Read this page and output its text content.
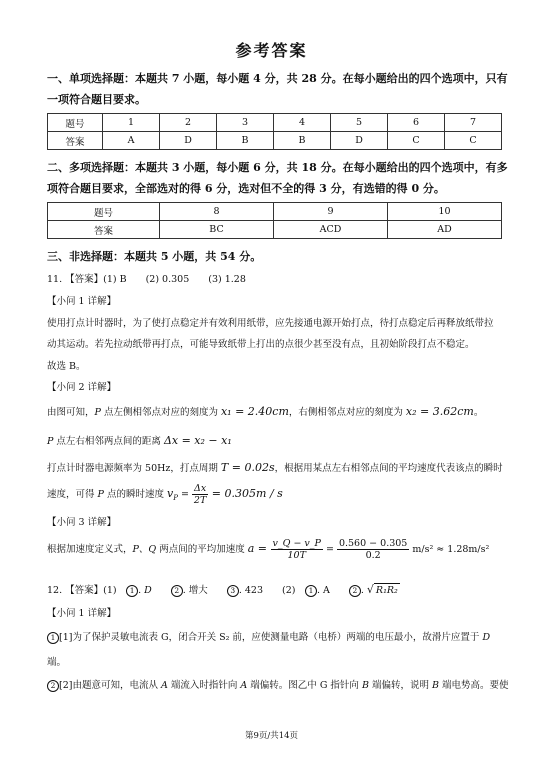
参考答案
一、单项选择题：本题共 7 小题，每小题 4 分，共 28 分。在每小题给出的四个选项中，只有
一项符合题目要求。
题号	1	2	3	4	5	6	7
答案	A	D	B	B	D	C	C
二、多项选择题：本题共 3 小题，每小题 6 分，共 18 分。在每小题给出的四个选项中，有多
项符合题目要求，全部选对的得 6 分，选对但不全的得 3 分，有选错的得 0 分。
题号	8	9	10
答案	BC	ACD	AD
三、非选择题：本题共 5 小题，共 54 分。
11. 【答案】(1) B　　(2) 0.305　　(3) 1.28
【小问 1 详解】
使用打点计时器时，为了使打点稳定并有效利用纸带，应先接通电源开始打点，待打点稳定后再释放纸带拉
动其运动。若先拉动纸带再打点，可能导致纸带上打出的点很少甚至没有点，且初始阶段打点不稳定。
故选 B。
【小问 2 详解】
由图可知，P 点左侧相邻点对应的刻度为 x₁ = 2.40cm，右侧相邻点对应的刻度为 x₂ = 3.62cm。
P 点左右相邻两点间的距离 Δx = x₂ − x₁
打点计时器电源频率为 50Hz，打点周期 T = 0.02s，根据用某点左右相邻点间的平均速度代表该点的瞬时
速度，可得 P 点的瞬时速度 $v_P = \frac{\Delta x}{2T} = 0.305m / s$
【小问 3 详解】
根据加速度定义式，P、Q 两点间的平均加速度 $a = \frac{v\_Q - v\_P}{10T} = \frac{0.560 - 0.305}{0.2} m/s^2 \approx 1.28m/s^2$
12. 【答案】(1)　1 . D　　2 . 增大　　3 . 423　　(2)　1 . A　　2 . √ R₁R₂
【小问 1 详解】
1 [1]为了保护灵敏电流表 G，闭合开关 S₂ 前，应使测量电路（电桥）两端的电压最小，故滑片应置于 D
端。
2 [2]由题意可知，电流从 A 端流入时指针向 A 端偏转。图乙中 G 指针向 B 端偏转，说明 B 端电势高。要使
第9页/共14页
